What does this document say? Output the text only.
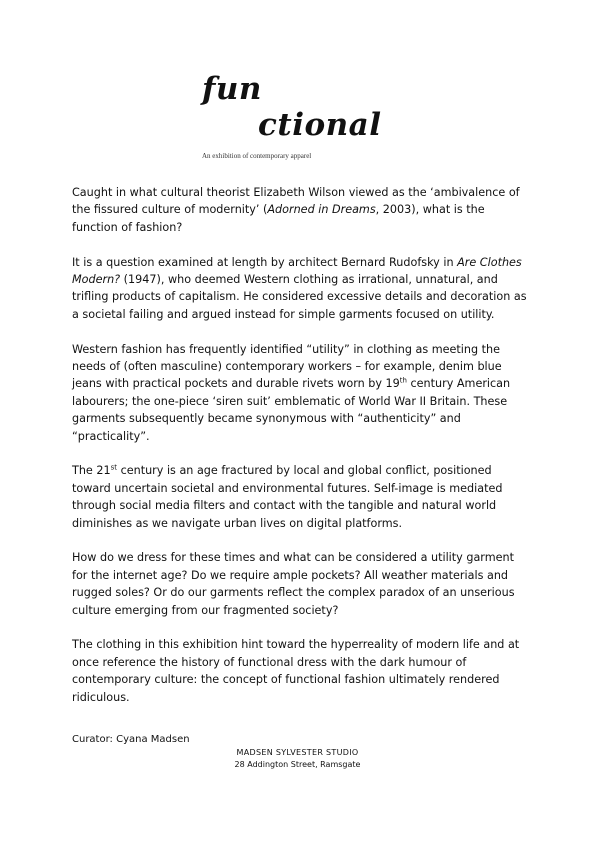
fun
ctional
An exhibition of contemporary apparel

Caught in what cultural theorist Elizabeth Wilson viewed as the ‘ambivalence of the fissured culture of modernity’ (Adorned in Dreams, 2003), what is the function of fashion?

It is a question examined at length by architect Bernard Rudofsky in Are Clothes Modern? (1947), who deemed Western clothing as irrational, unnatural, and trifling products of capitalism. He considered excessive details and decoration as a societal failing and argued instead for simple garments focused on utility.

Western fashion has frequently identified “utility” in clothing as meeting the needs of (often masculine) contemporary workers – for example, denim blue jeans with practical pockets and durable rivets worn by 19th century American labourers; the one-piece ‘siren suit’ emblematic of World War II Britain. These garments subsequently became synonymous with “authenticity” and “practicality”.

The 21st century is an age fractured by local and global conflict, positioned toward uncertain societal and environmental futures. Self-image is mediated through social media filters and contact with the tangible and natural world diminishes as we navigate urban lives on digital platforms.

How do we dress for these times and what can be considered a utility garment for the internet age? Do we require ample pockets? All weather materials and rugged soles? Or do our garments reflect the complex paradox of an unserious culture emerging from our fragmented society?

The clothing in this exhibition hint toward the hyperreality of modern life and at once reference the history of functional dress with the dark humour of contemporary culture: the concept of functional fashion ultimately rendered ridiculous.

Curator: Cyana Madsen
MADSEN SYLVESTER STUDIO
28 Addington Street, Ramsgate
